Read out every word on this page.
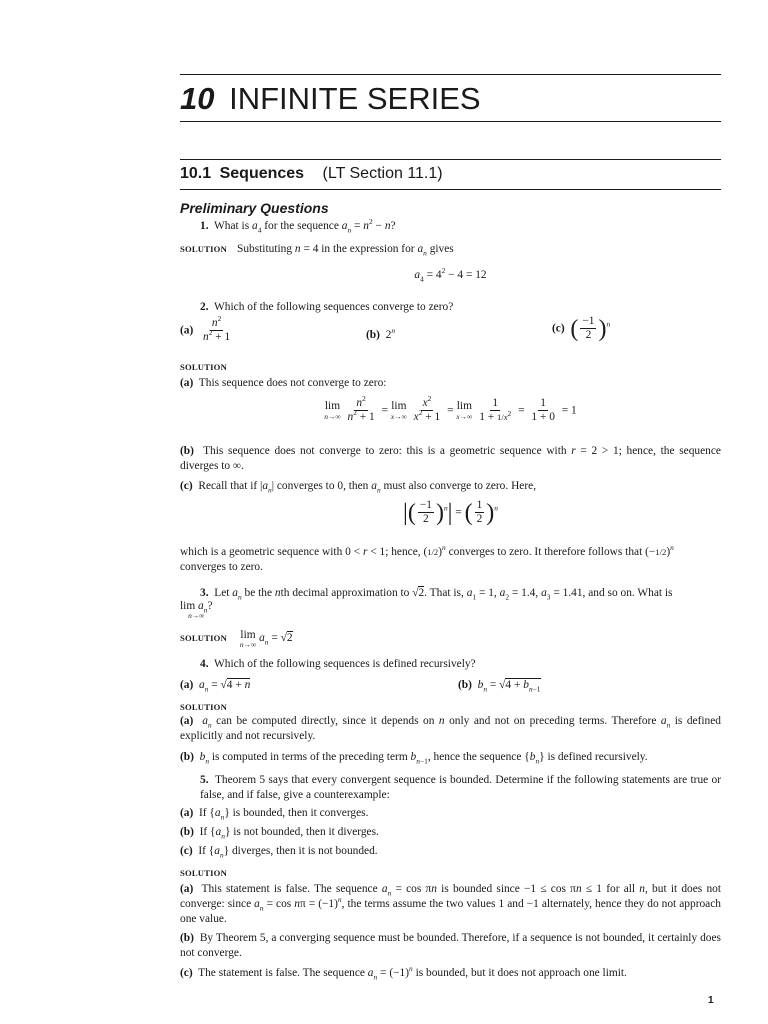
10 INFINITE SERIES
10.1 Sequences (LT Section 11.1)
Preliminary Questions

1.  What is $a_4$ for the sequence $a_n = n^2 - n$?

SOLUTION Substituting n = 4 in the expression for $a_n$ gives

$a_4 = 4^2 - 4 = 12$

2.  Which of the following sequences converge to zero?

$(a) \frac{n^2}{n^2 + 1}$	(b)  2$^n$	(c) ( $\frac{-1}{2} )^n$
SOLUTION

(a)  This sequence does not converge to zero:

lim
n→∞
$\frac{n^2}{n^2 + 1} = \lim$
x→∞
$\frac{x^2}{x^2 + 1} = \lim$
x→∞
$\frac{1}{1 + 1/x^2} = \frac{1}{1 + 0} = 1$

(b)  This sequence does not converge to zero: this is a geometric sequence with r = 2 > 1; hence, the sequence diverges to ∞.

(c)  Recall that if $|a_n|$ converges to 0, then $a_n$ must also converge to zero. Here,

|( $\frac{-1}{2} )^n|$ = ( $\frac{1}{2} )^n$

which is a geometric sequence with 0 < r < 1; hence, $(1/2)^n$ converges to zero. It therefore follows that $(-1/2)^n$ converges to zero.

3.  Let $a_n$ be the nth decimal approximation to √2. That is, $a_1 = 1$, $a_2 = 1.4$, $a_3 = 1.41$, and so on. What is

$\lim a_n$?
n→∞

SOLUTION lim
n→∞
$a_n = √2$

4.  Which of the following sequences is defined recursively?

(a) $a_n = √4 + n$	(b) $b_n = √4 + b_{n-1}$
SOLUTION

(a) $a_n$ can be computed directly, since it depends on n only and not on preceding terms. Therefore $a_n$ is defined explicitly and not recursively.

(b) $b_n$ is computed in terms of the preceding term $b_{n-1}$, hence the sequence $\{b_n\}$ is defined recursively.

5.  Theorem 5 says that every convergent sequence is bounded. Determine if the following statements are true or false, and if false, give a counterexample:

(a)  If $\{a_n\}$ is bounded, then it converges.

(b)  If $\{a_n\}$ is not bounded, then it diverges.

(c)  If $\{a_n\}$ diverges, then it is not bounded.

SOLUTION

(a)  This statement is false. The sequence $a_n = \cos \pi n$ is bounded since −1 ≤ cos πn ≤ 1 for all n, but it does not converge: since $a_n = \cos n\pi = (-1)^n$, the terms assume the two values 1 and −1 alternately, hence they do not approach one value.

(b)  By Theorem 5, a converging sequence must be bounded. Therefore, if a sequence is not bounded, it certainly does not converge.

(c)  The statement is false. The sequence $a_n = (-1)^n$ is bounded, but it does not approach one limit.

1
